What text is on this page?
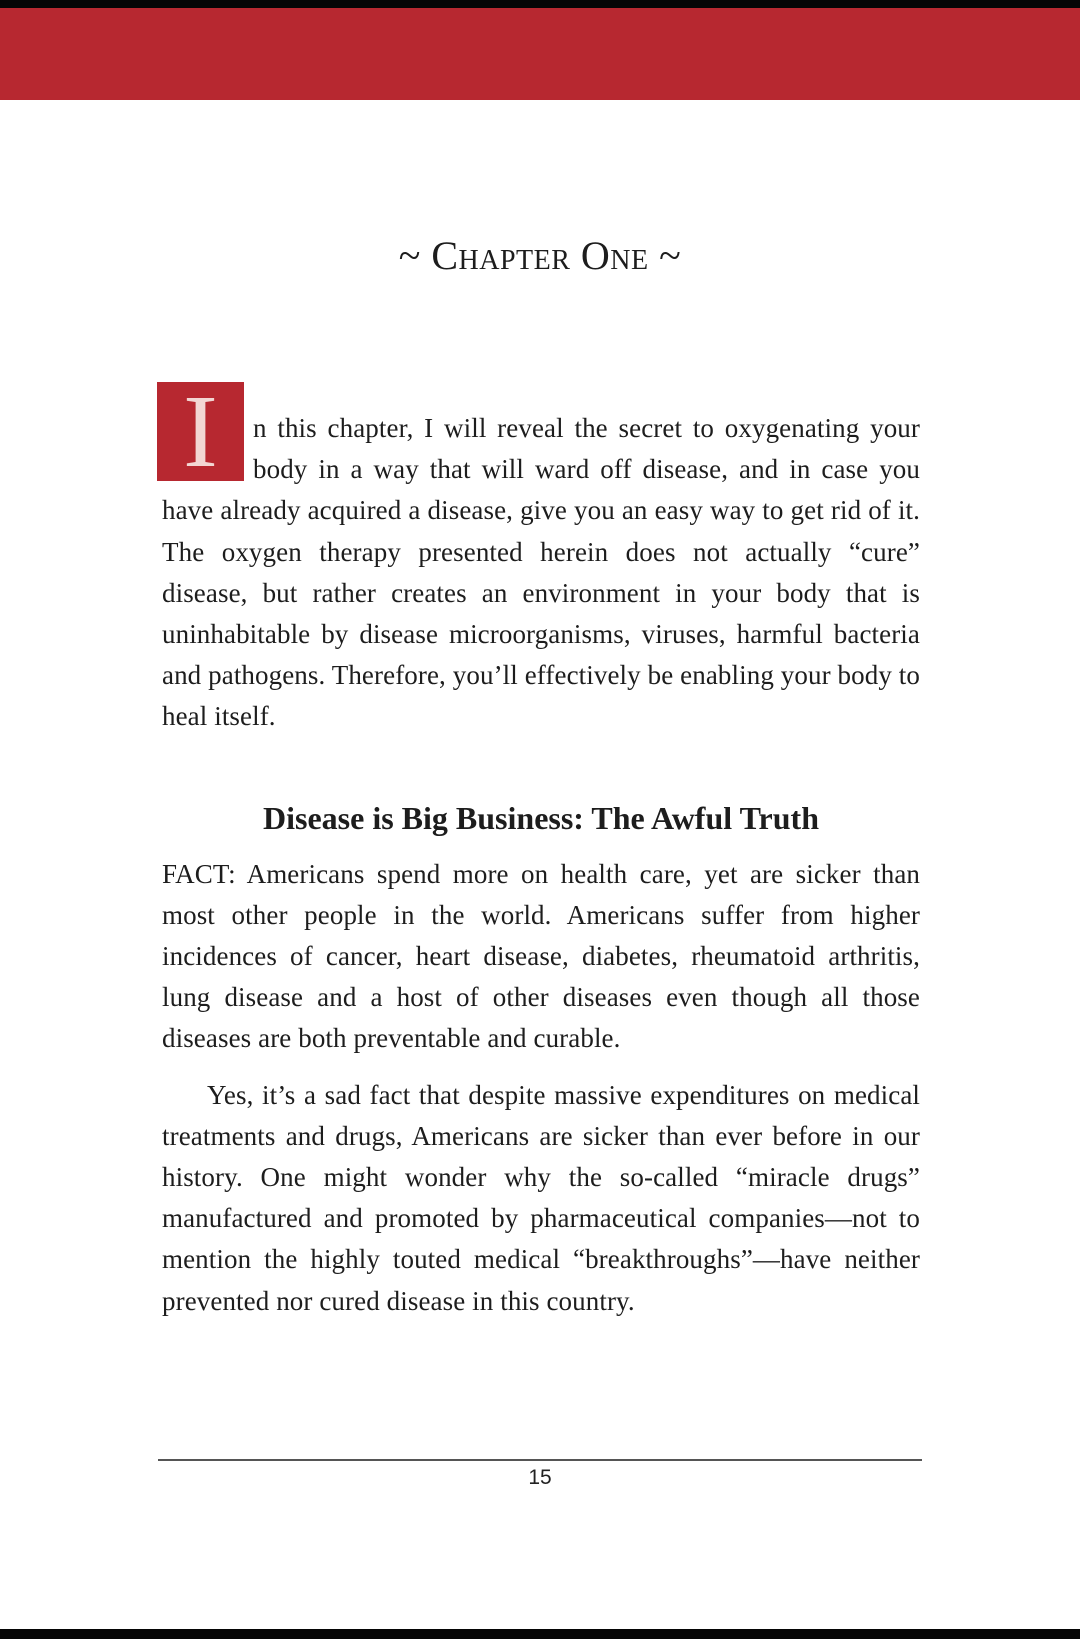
~ Chapter One ~

I	n this chapter, I will reveal the secret to oxygenating your body in a way that will ward off disease, and in case you have already acquired a disease, give you an easy way to get rid of it. The oxygen therapy presented herein does not actually “cure” disease, but rather creates an environment in your body that is uninhabitable by disease microorganisms, viruses, harmful bacteria and pathogens. Therefore, you’ll effectively be enabling your body to heal itself.

Disease is Big Business: The Awful Truth

FACT: Americans spend more on health care, yet are sicker than most other people in the world. Americans suffer from higher incidences of cancer, heart disease, diabetes, rheumatoid arthritis, lung disease and a host of other diseases even though all those diseases are both preventable and curable.

Yes, it’s a sad fact that despite massive expenditures on medical treatments and drugs, Americans are sicker than ever before in our history. One might wonder why the so-called “miracle drugs” manufactured and promoted by pharmaceutical companies—not to mention the highly touted medical “breakthroughs”—have neither prevented nor cured disease in this country.

15
